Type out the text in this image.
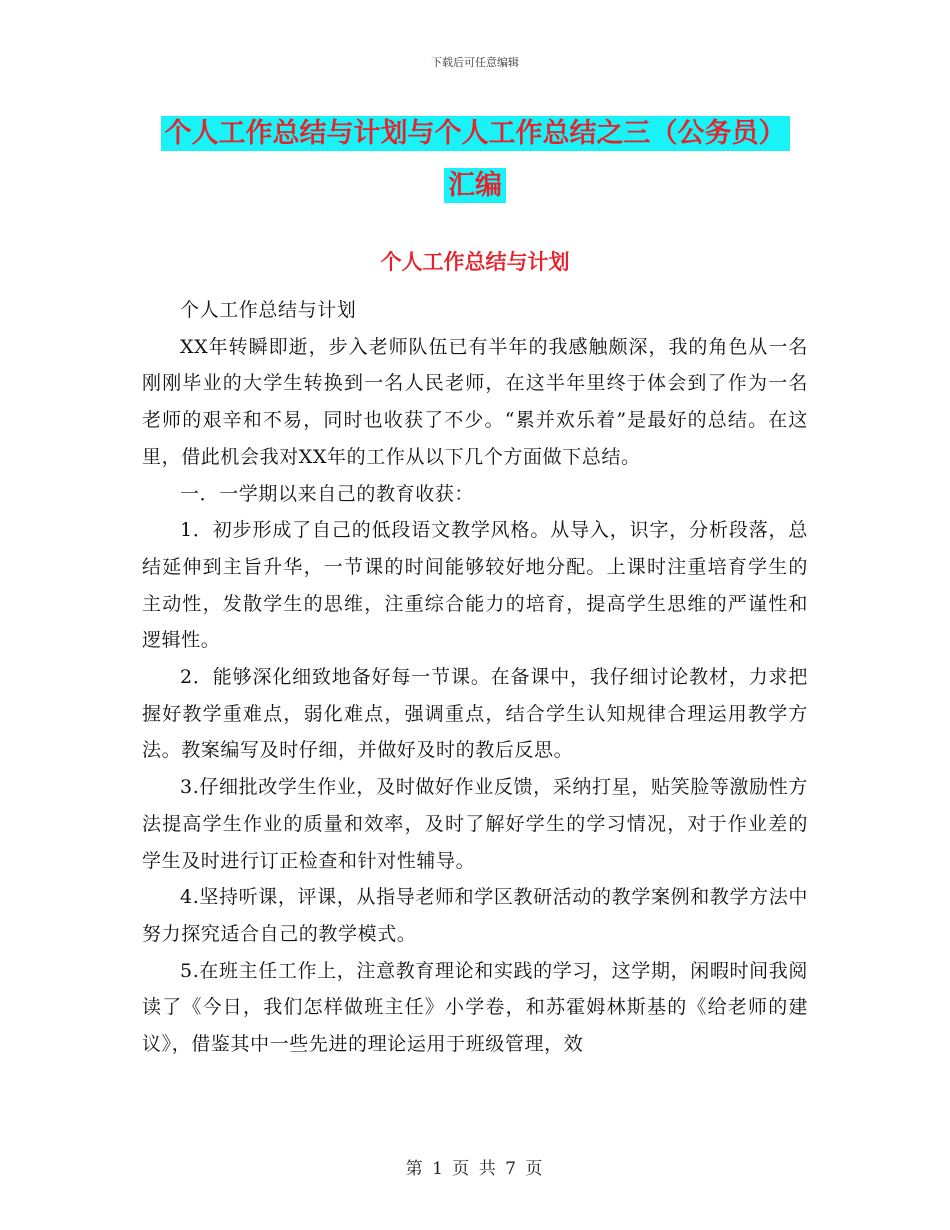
下载后可任意编辑
个人工作总结与计划与个人工作总结之三（公务员）
汇编
个人工作总结与计划

个人工作总结与计划

XX年转瞬即逝，步入老师队伍已有半年的我感触颇深，我的角色从一名刚刚毕业的大学生转换到一名人民老师，在这半年里终于体会到了作为一名老师的艰辛和不易，同时也收获了不少。“累并欢乐着”是最好的总结。在这里，借此机会我对XX年的工作从以下几个方面做下总结。

一．一学期以来自己的教育收获：

1．初步形成了自己的低段语文教学风格。从导入，识字，分析段落，总结延伸到主旨升华，一节课的时间能够较好地分配。上课时注重培育学生的主动性，发散学生的思维，注重综合能力的培育，提高学生思维的严谨性和逻辑性。

2．能够深化细致地备好每一节课。在备课中，我仔细讨论教材，力求把握好教学重难点，弱化难点，强调重点，结合学生认知规律合理运用教学方法。教案编写及时仔细，并做好及时的教后反思。

3.仔细批改学生作业，及时做好作业反馈，采纳打星，贴笑脸等激励性方法提高学生作业的质量和效率，及时了解好学生的学习情况，对于作业差的学生及时进行订正检查和针对性辅导。

4.坚持听课，评课，从指导老师和学区教研活动的教学案例和教学方法中努力探究适合自己的教学模式。

5.在班主任工作上，注意教育理论和实践的学习，这学期，闲暇时间我阅读了《今日，我们怎样做班主任》小学卷，和苏霍姆林斯基的《给老师的建议》，借鉴其中一些先进的理论运用于班级管理，效

第 1 页 共 7 页
